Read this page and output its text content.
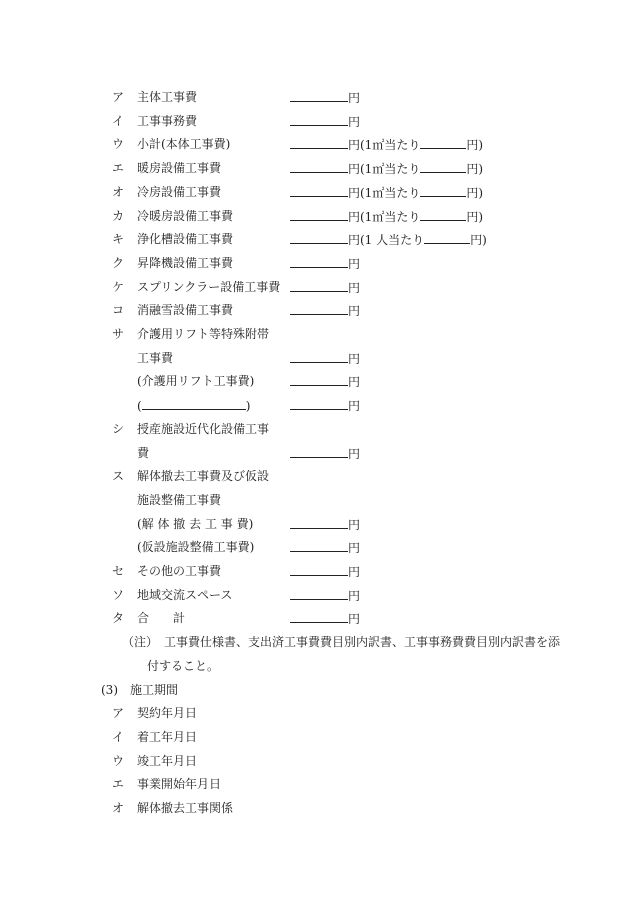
ア 主体工事費	円
イ 工事事務費	円
ウ 小計(本体工事費)	円 (1㎡当たり	円)
エ 暖房設備工事費	円 (1㎡当たり	円)
オ 冷房設備工事費	円 (1㎡当たり	円)
カ 冷暖房設備工事費	円 (1㎡当たり	円)
キ 浄化槽設備工事費	円 (1 人当たり	円)
ク 昇降機設備工事費	円
ケ スプリンクラー設備工事費	円
コ 消融雪設備工事費	円
サ 介護用リフト等特殊附帯
工事費	円
(介護用リフト工事費)	円
(	)	円
シ 授産施設近代化設備工事
費	円
ス 解体撤去工事費及び仮設
施設整備工事費
(解 体 撤 去 工 事 費)	円
(仮設施設整備工事費)	円
セ その他の工事費	円
ソ 地域交流スペース	円
タ 合　　計	円
（注）　工事費仕様書、支出済工事費費目別内訳書、工事事務費費目別内訳書を添
付すること。
(3)　施工期間
ア 契約年月日
イ 着工年月日
ウ 竣工年月日
エ 事業開始年月日
オ 解体撤去工事関係
